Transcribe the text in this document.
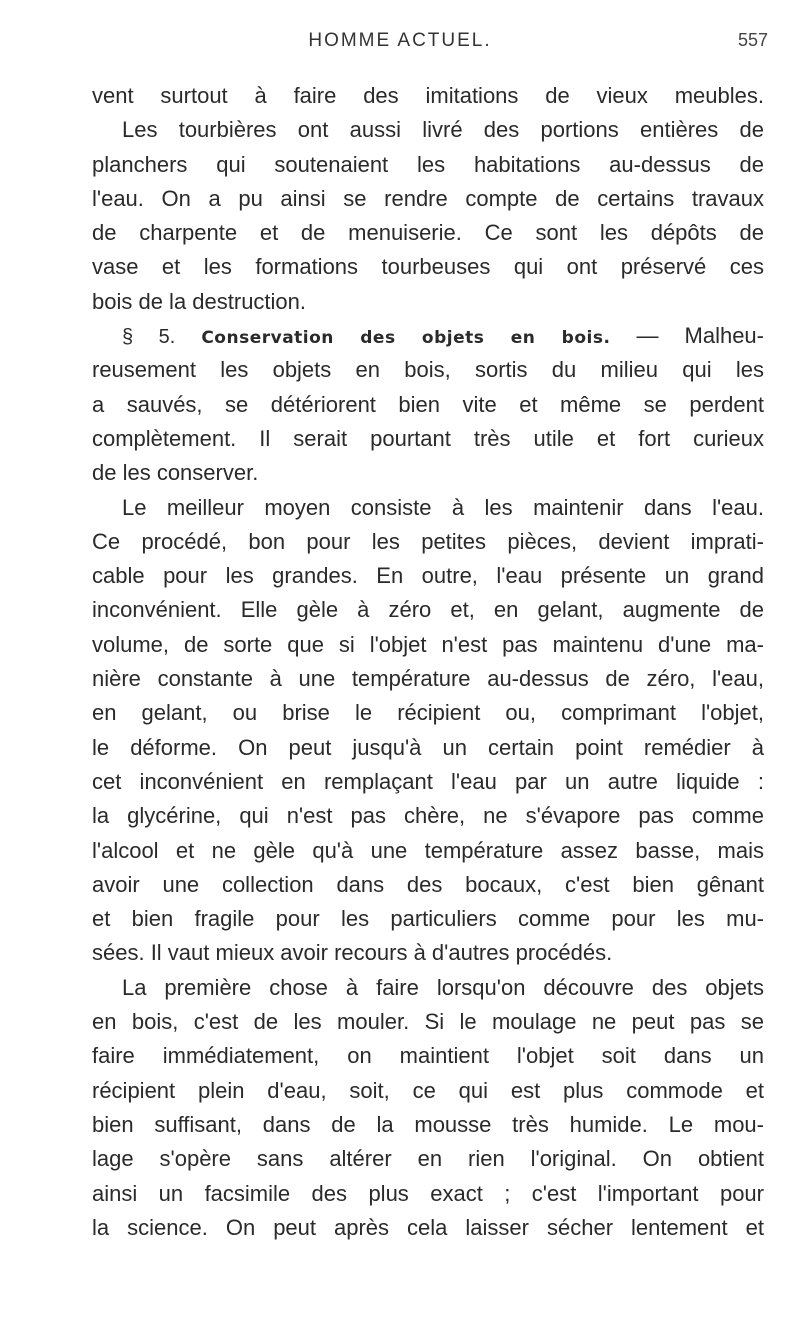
HOMME ACTUEL.	557
vent surtout à faire des imitations de vieux meubles.
Les tourbières ont aussi livré des portions entières de
planchers qui soutenaient les habitations au-dessus de
l'eau. On a pu ainsi se rendre compte de certains travaux
de charpente et de menuiserie. Ce sont les dépôts de
vase et les formations tourbeuses qui ont préservé ces
bois de la destruction.
§ 5. Conservation des objets en bois. — Malheu-
reusement les objets en bois, sortis du milieu qui les
a sauvés, se détériorent bien vite et même se perdent
complètement. Il serait pourtant très utile et fort curieux
de les conserver.
Le meilleur moyen consiste à les maintenir dans l'eau.
Ce procédé, bon pour les petites pièces, devient imprati-
cable pour les grandes. En outre, l'eau présente un grand
inconvénient. Elle gèle à zéro et, en gelant, augmente de
volume, de sorte que si l'objet n'est pas maintenu d'une ma-
nière constante à une température au-dessus de zéro, l'eau,
en gelant, ou brise le récipient ou, comprimant l'objet,
le déforme. On peut jusqu'à un certain point remédier à
cet inconvénient en remplaçant l'eau par un autre liquide :
la glycérine, qui n'est pas chère, ne s'évapore pas comme
l'alcool et ne gèle qu'à une température assez basse, mais
avoir une collection dans des bocaux, c'est bien gênant
et bien fragile pour les particuliers comme pour les mu-
sées. Il vaut mieux avoir recours à d'autres procédés.
La première chose à faire lorsqu'on découvre des objets
en bois, c'est de les mouler. Si le moulage ne peut pas se
faire immédiatement, on maintient l'objet soit dans un
récipient plein d'eau, soit, ce qui est plus commode et
bien suffisant, dans de la mousse très humide. Le mou-
lage s'opère sans altérer en rien l'original. On obtient
ainsi un facsimile des plus exact ; c'est l'important pour
la science. On peut après cela laisser sécher lentement et
